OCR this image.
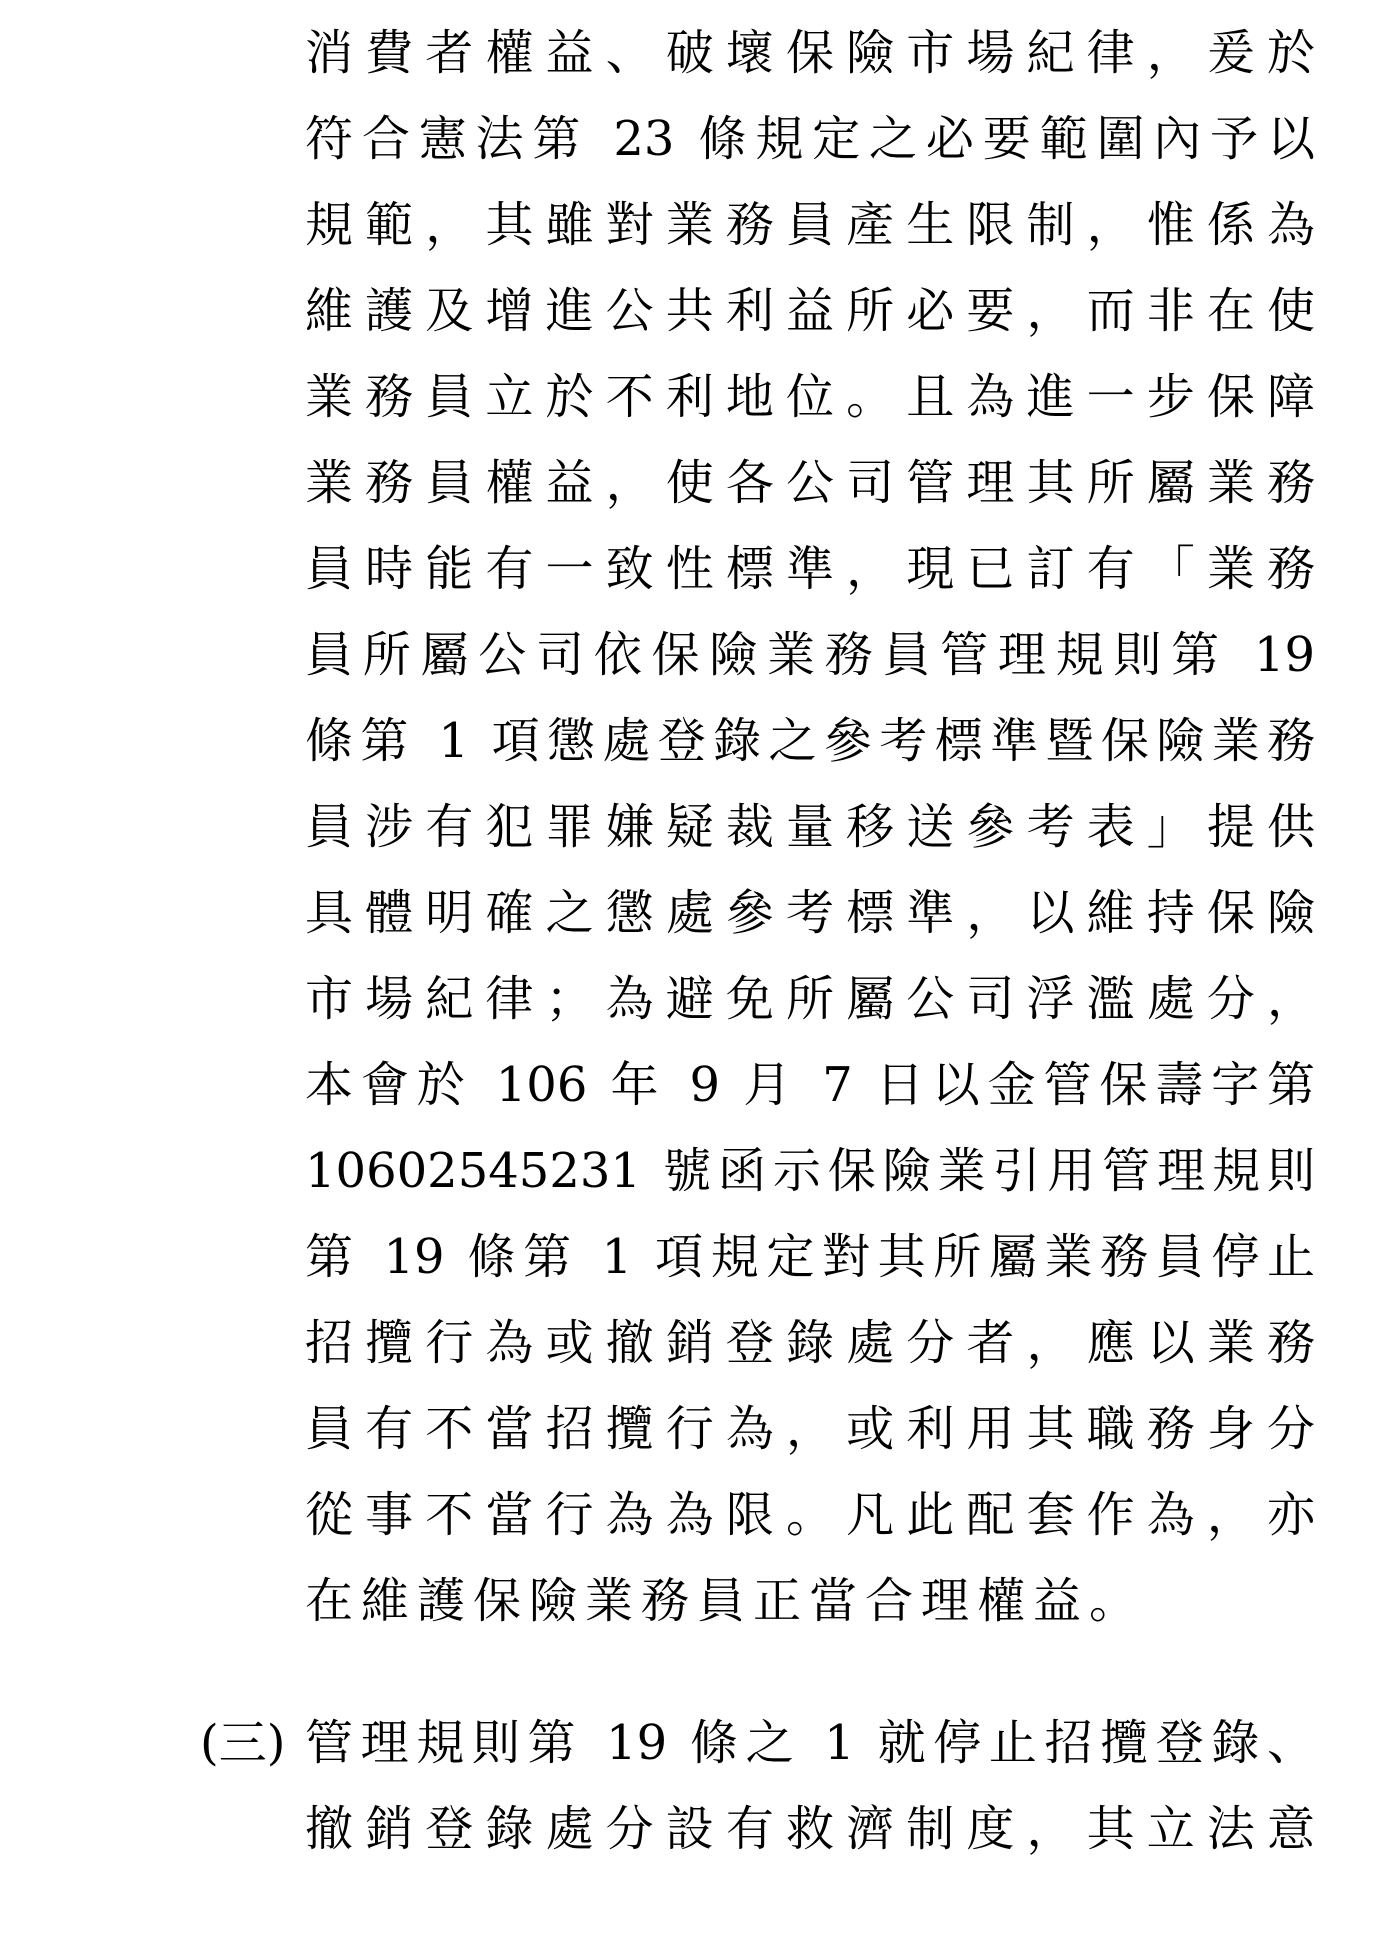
消費者權益、破壞保險市場紀律，爰於
符合憲法第 23 條規定之必要範圍內予以
規範，其雖對業務員產生限制，惟係為
維護及增進公共利益所必要，而非在使
業務員立於不利地位。且為進一步保障
業務員權益，使各公司管理其所屬業務
員時能有一致性標準，現已訂有「業務
員所屬公司依保險業務員管理規則第 19
條第 1 項懲處登錄之參考標準暨保險業務
員涉有犯罪嫌疑裁量移送參考表」提供
具體明確之懲處參考標準，以維持保險
市場紀律；為避免所屬公司浮濫處分，
本會於 106 年 9 月 7 日以金管保壽字第
10602545231 號函示保險業引用管理規則
第 19 條第 1 項規定對其所屬業務員停止
招攬行為或撤銷登錄處分者，應以業務
員有不當招攬行為，或利用其職務身分
從事不當行為為限。凡此配套作為，亦
在維護保險業務員正當合理權益。
(三) 管理規則第 19 條之 1 就停止招攬登錄、
撤銷登錄處分設有救濟制度，其立法意
